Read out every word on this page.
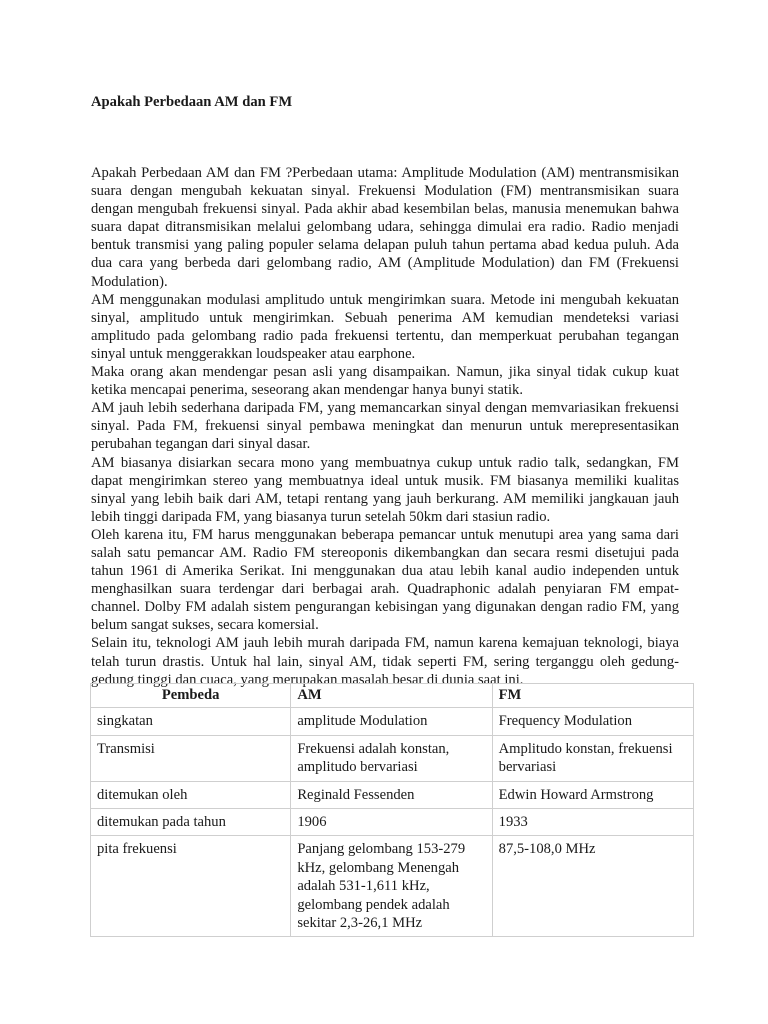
Apakah Perbedaan AM dan FM

Apakah Perbedaan AM dan FM ?Perbedaan utama: Amplitude Modulation (AM) mentransmisikan suara dengan mengubah kekuatan sinyal. Frekuensi Modulation (FM) mentransmisikan suara dengan mengubah frekuensi sinyal. Pada akhir abad kesembilan belas, manusia menemukan bahwa suara dapat ditransmisikan melalui gelombang udara, sehingga dimulai era radio. Radio menjadi bentuk transmisi yang paling populer selama delapan puluh tahun pertama abad kedua puluh. Ada dua cara yang berbeda dari gelombang radio, AM (Amplitude Modulation) dan FM (Frekuensi Modulation).

AM menggunakan modulasi amplitudo untuk mengirimkan suara. Metode ini mengubah kekuatan sinyal, amplitudo untuk mengirimkan. Sebuah penerima AM kemudian mendeteksi variasi amplitudo pada gelombang radio pada frekuensi tertentu, dan memperkuat perubahan tegangan sinyal untuk menggerakkan loudspeaker atau earphone.

Maka orang akan mendengar pesan asli yang disampaikan. Namun, jika sinyal tidak cukup kuat ketika mencapai penerima, seseorang akan mendengar hanya bunyi statik.

AM jauh lebih sederhana daripada FM, yang memancarkan sinyal dengan memvariasikan frekuensi sinyal. Pada FM, frekuensi sinyal pembawa meningkat dan menurun untuk merepresentasikan perubahan tegangan dari sinyal dasar.

AM biasanya disiarkan secara mono yang membuatnya cukup untuk radio talk, sedangkan, FM dapat mengirimkan stereo yang membuatnya ideal untuk musik. FM biasanya memiliki kualitas sinyal yang lebih baik dari AM, tetapi rentang yang jauh berkurang. AM memiliki jangkauan jauh lebih tinggi daripada FM, yang biasanya turun setelah 50km dari stasiun radio.

Oleh karena itu, FM harus menggunakan beberapa pemancar untuk menutupi area yang sama dari salah satu pemancar AM. Radio FM stereoponis dikembangkan dan secara resmi disetujui pada tahun 1961 di Amerika Serikat. Ini menggunakan dua atau lebih kanal audio independen untuk menghasilkan suara terdengar dari berbagai arah. Quadraphonic adalah penyiaran FM empat-channel. Dolby FM adalah sistem pengurangan kebisingan yang digunakan dengan radio FM, yang belum sangat sukses, secara komersial.

Selain itu, teknologi AM jauh lebih murah daripada FM, namun karena kemajuan teknologi, biaya telah turun drastis. Untuk hal lain, sinyal AM, tidak seperti FM, sering terganggu oleh gedung-gedung tinggi dan cuaca, yang merupakan masalah besar di dunia saat ini.

Pembeda	AM	FM
singkatan	amplitude Modulation	Frequency Modulation
Transmisi	Frekuensi adalah konstan, amplitudo bervariasi	Amplitudo konstan, frekuensi bervariasi
ditemukan oleh	Reginald Fessenden	Edwin Howard Armstrong
ditemukan pada tahun	1906	1933
pita frekuensi	Panjang gelombang 153-279 kHz, gelombang Menengah adalah 531-1,611 kHz, gelombang pendek adalah sekitar 2,3-26,1 MHz	87,5-108,0 MHz
